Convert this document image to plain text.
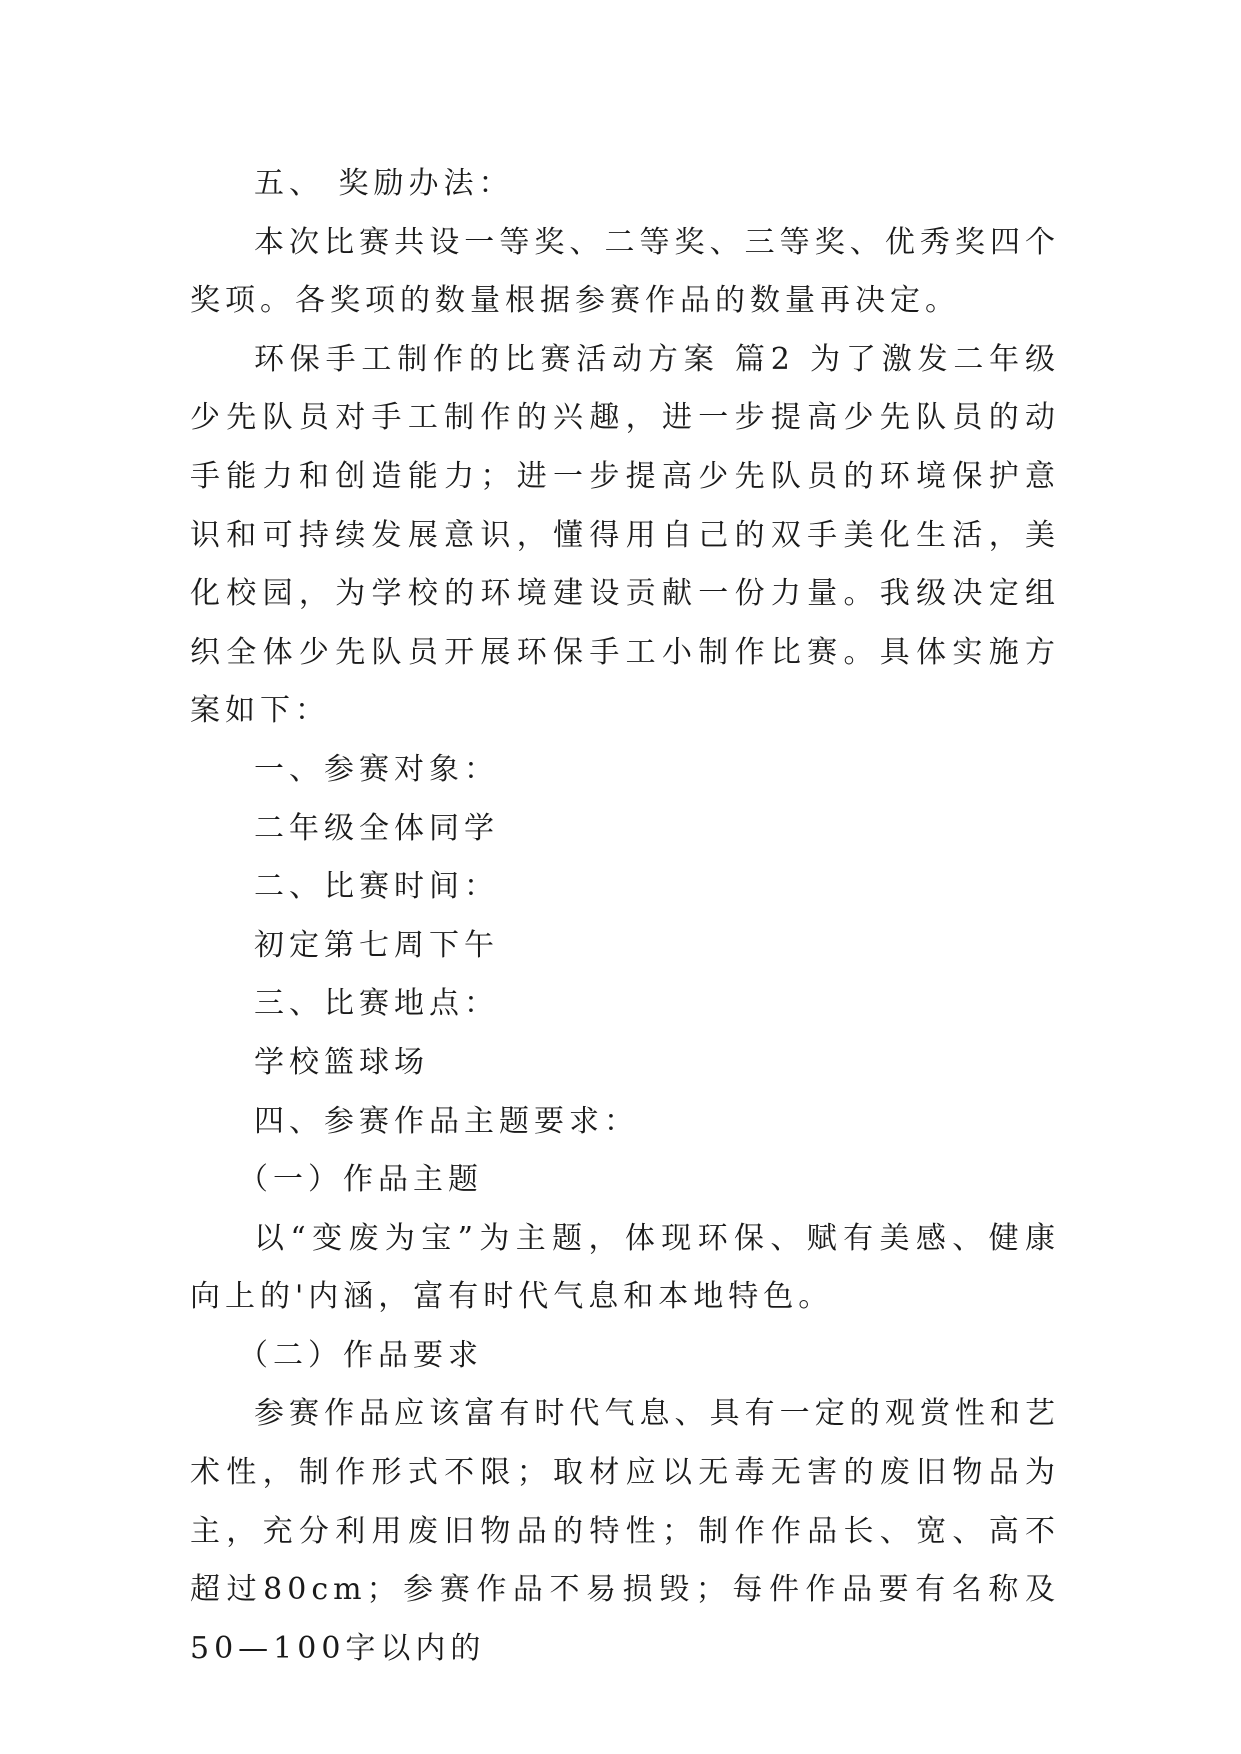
五、 奖励办法：

本次比赛共设一等奖、二等奖、三等奖、优秀奖四个奖项。各奖项的数量根据参赛作品的数量再决定。

环保手工制作的比赛活动方案 篇2 为了激发二年级少先队员对手工制作的兴趣，进一步提高少先队员的动手能力和创造能力；进一步提高少先队员的环境保护意识和可持续发展意识，懂得用自己的双手美化生活，美化校园，为学校的环境建设贡献一份力量。我级决定组织全体少先队员开展环保手工小制作比赛。具体实施方案如下：

一、参赛对象：

二年级全体同学

二、比赛时间：

初定第七周下午

三、比赛地点：

学校篮球场

四、参赛作品主题要求：

（一）作品主题

以“变废为宝”为主题，体现环保、赋有美感、健康向上的'内涵，富有时代气息和本地特色。

（二）作品要求

参赛作品应该富有时代气息、具有一定的观赏性和艺术性，制作形式不限；取材应以无毒无害的废旧物品为主，充分利用废旧物品的特性；制作作品长、宽、高不超过80cm；参赛作品不易损毁；每件作品要有名称及50—100字以内的
